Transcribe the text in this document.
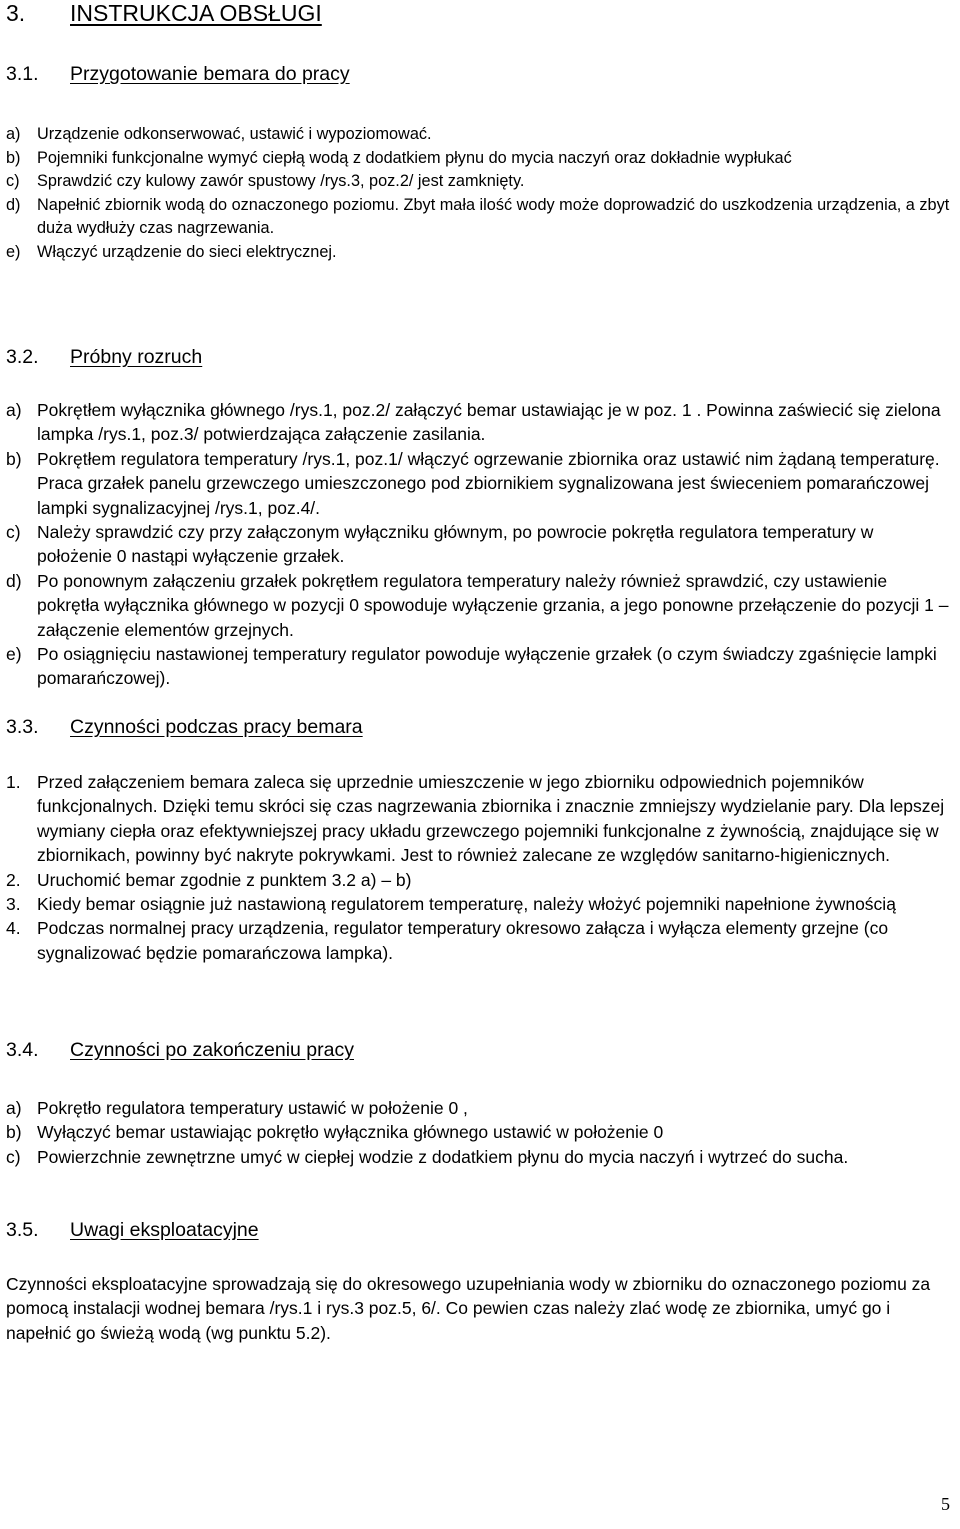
3. INSTRUKCJA OBSŁUGI
3.1. Przygotowanie bemara do pracy
a) Urządzenie odkonserwować, ustawić i wypoziomować.
b) Pojemniki funkcjonalne wymyć ciepłą wodą z dodatkiem płynu do mycia naczyń oraz dokładnie wypłukać
c) Sprawdzić czy kulowy zawór spustowy /rys.3, poz.2/ jest zamknięty.
d) Napełnić zbiornik wodą do oznaczonego poziomu. Zbyt mała ilość wody może doprowadzić do uszkodzenia urządzenia, a zbyt duża wydłuży czas nagrzewania.
e) Włączyć urządzenie do sieci elektrycznej.
3.2. Próbny rozruch
a) Pokrętłem wyłącznika głównego /rys.1, poz.2/ załączyć bemar ustawiając je w poz. 1 . Powinna zaświecić się zielona lampka /rys.1, poz.3/ potwierdzająca załączenie zasilania.
b) Pokrętłem regulatora temperatury /rys.1, poz.1/ włączyć ogrzewanie zbiornika oraz ustawić nim żądaną temperaturę. Praca grzałek panelu grzewczego umieszczonego pod zbiornikiem sygnalizowana jest świeceniem pomarańczowej lampki sygnalizacyjnej /rys.1, poz.4/.
c) Należy sprawdzić czy przy załączonym wyłączniku głównym, po powrocie pokrętła regulatora temperatury w położenie 0 nastąpi wyłączenie grzałek.
d) Po ponownym załączeniu grzałek pokrętłem regulatora temperatury należy również sprawdzić, czy ustawienie pokrętła wyłącznika głównego w pozycji 0 spowoduje wyłączenie grzania, a jego ponowne przełączenie do pozycji 1 – załączenie elementów grzejnych.
e) Po osiągnięciu nastawionej temperatury regulator powoduje wyłączenie grzałek (o czym świadczy zgaśnięcie lampki pomarańczowej).
3.3. Czynności podczas pracy bemara
1. Przed załączeniem bemara zaleca się uprzednie umieszczenie w jego zbiorniku odpowiednich pojemników funkcjonalnych. Dzięki temu skróci się czas nagrzewania zbiornika i znacznie zmniejszy wydzielanie pary. Dla lepszej wymiany ciepła oraz efektywniejszej pracy układu grzewczego pojemniki funkcjonalne z żywnością, znajdujące się w zbiornikach, powinny być nakryte pokrywkami. Jest to również zalecane ze względów sanitarno-higienicznych.
2. Uruchomić bemar zgodnie z punktem 3.2 a) – b)
3. Kiedy bemar osiągnie już nastawioną regulatorem temperaturę, należy włożyć pojemniki napełnione żywnością
4. Podczas normalnej pracy urządzenia, regulator temperatury okresowo załącza i wyłącza elementy grzejne (co sygnalizować będzie pomarańczowa lampka).
3.4. Czynności po zakończeniu pracy
a) Pokrętło regulatora temperatury ustawić w położenie 0 ,
b) Wyłączyć bemar ustawiając pokrętło wyłącznika głównego ustawić w położenie 0
c) Powierzchnie zewnętrzne umyć w ciepłej wodzie z dodatkiem płynu do mycia naczyń i wytrzeć do sucha.
3.5. Uwagi eksploatacyjne
Czynności eksploatacyjne sprowadzają się do okresowego uzupełniania wody w zbiorniku do oznaczonego poziomu za pomocą instalacji wodnej bemara /rys.1 i rys.3 poz.5, 6/. Co pewien czas należy zlać wodę ze zbiornika, umyć go i napełnić go świeżą wodą (wg punktu 5.2).
5
